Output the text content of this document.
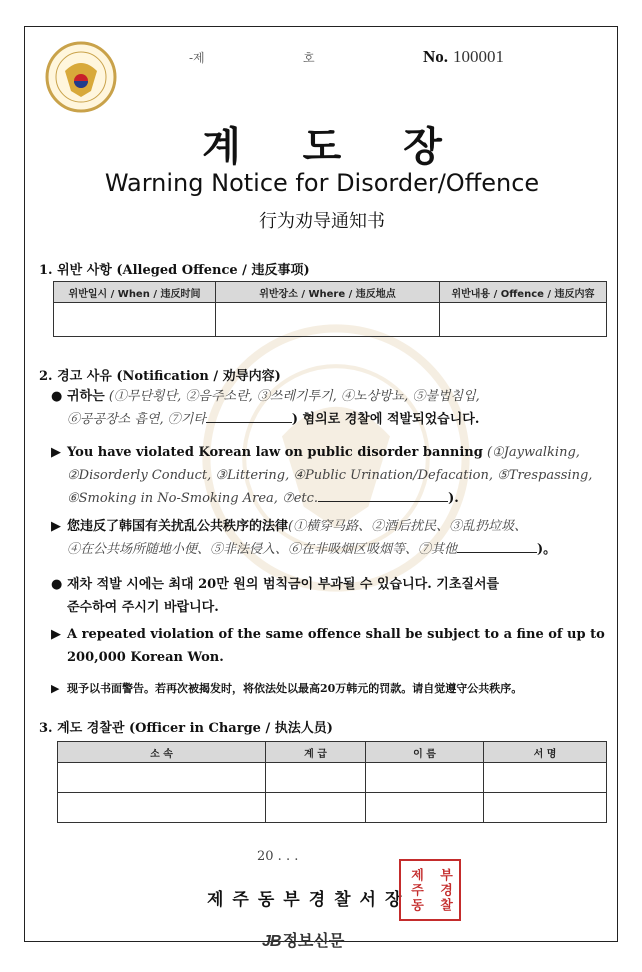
-제	호	No. 100001
계 도 장
Warning Notice for Disorder/Offence
行为劝导通知书
1. 위반 사항 (Alleged Offence / 违反事项)
위반일시 / When / 违反时间	위반장소 / Where / 违反地点	위반내용 / Offence / 违反内容

2. 경고 사유 (Notification / 劝导内容)
● 귀하는 (①무단횡단, ②음주소란, ③쓰레기투기, ④노상방뇨, ⑤불법침입,
⑥공공장소 흡연, ⑦기타	) 혐의로 경찰에 적발되었습니다.
▶ You have violated Korean law on public disorder banning (①Jaywalking,
②Disorderly Conduct, ③Littering, ④Public Urination/Defacation, ⑤Trespassing,
⑥Smoking in No-Smoking Area, ⑦etc.	).
▶ 您违反了韩国有关扰乱公共秩序的法律(①横穿马路、②酒后扰民、③乱扔垃圾、
④在公共场所随地小便、⑤非法侵入、⑥在非吸烟区吸烟等、⑦其他	)。
● 재차 적발 시에는 최대 20만 원의 범칙금이 부과될 수 있습니다. 기초질서를
준수하여 주시기 바랍니다.
▶ A repeated violation of the same offence shall be subject to a fine of up to
200,000 Korean Won.
▶ 现予以书面警告。若再次被揭发时，将依法处以最高20万韩元的罚款。请自觉遵守公共秩序。
3. 계도 경찰관 (Officer in Charge / 执法人员)
소 속	계 급	이 름	서 명

20 . . .
제주동부경찰서장
제주동 부경찰
JB 정보신문
